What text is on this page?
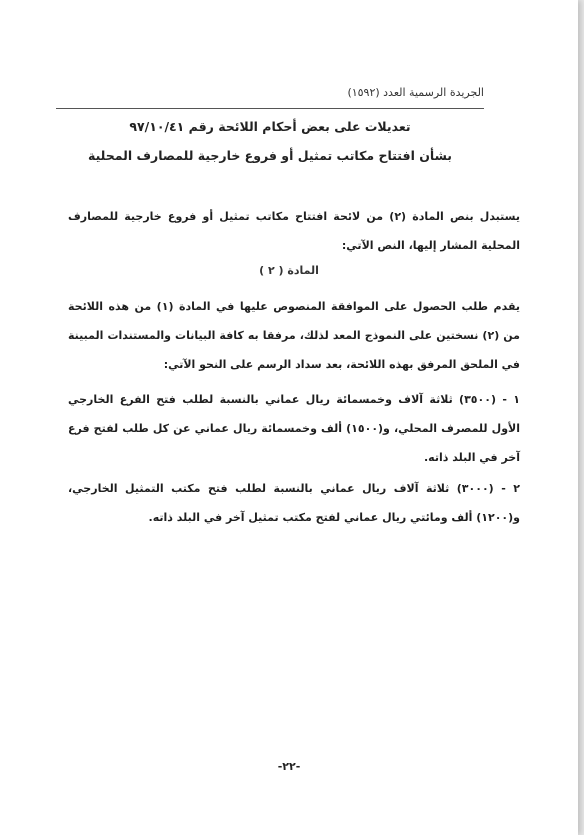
الجريدة الرسمية العدد (١٥٩٢)
تعديلات على بعض أحكام اللائحة رقم ٩٧/١٠/٤١
بشأن افتتاح مكاتب تمثيل أو فروع خارجية للمصارف المحلية
يستبدل بنص المادة (٢) من لائحة افتتاح مكاتب تمثيل أو فروع خارجية للمصارف المحلية المشار إليها، النص الآتي:
المادة ( ٢ )
يقدم طلب الحصول على الموافقة المنصوص عليها في المادة (١) من هذه اللائحة من (٢) نسختين على النموذج المعد لذلك، مرفقا به كافة البيانات والمستندات المبينة في الملحق المرفق بهذه اللائحة، بعد سداد الرسم على النحو الآتي:
١ - (٣٥٠٠) ثلاثة آلاف وخمسمائة ريال عماني بالنسبة لطلب فتح الفرع الخارجي الأول للمصرف المحلي، و(١٥٠٠) ألف وخمسمائة ريال عماني عن كل طلب لفتح فرع آخر في البلد ذاته.
٢ - (٣٠٠٠) ثلاثة آلاف ريال عماني بالنسبة لطلب فتح مكتب التمثيل الخارجي، و(١٢٠٠) ألف ومائتي ريال عماني لفتح مكتب تمثيل آخر في البلد ذاته.
-٢٢-
